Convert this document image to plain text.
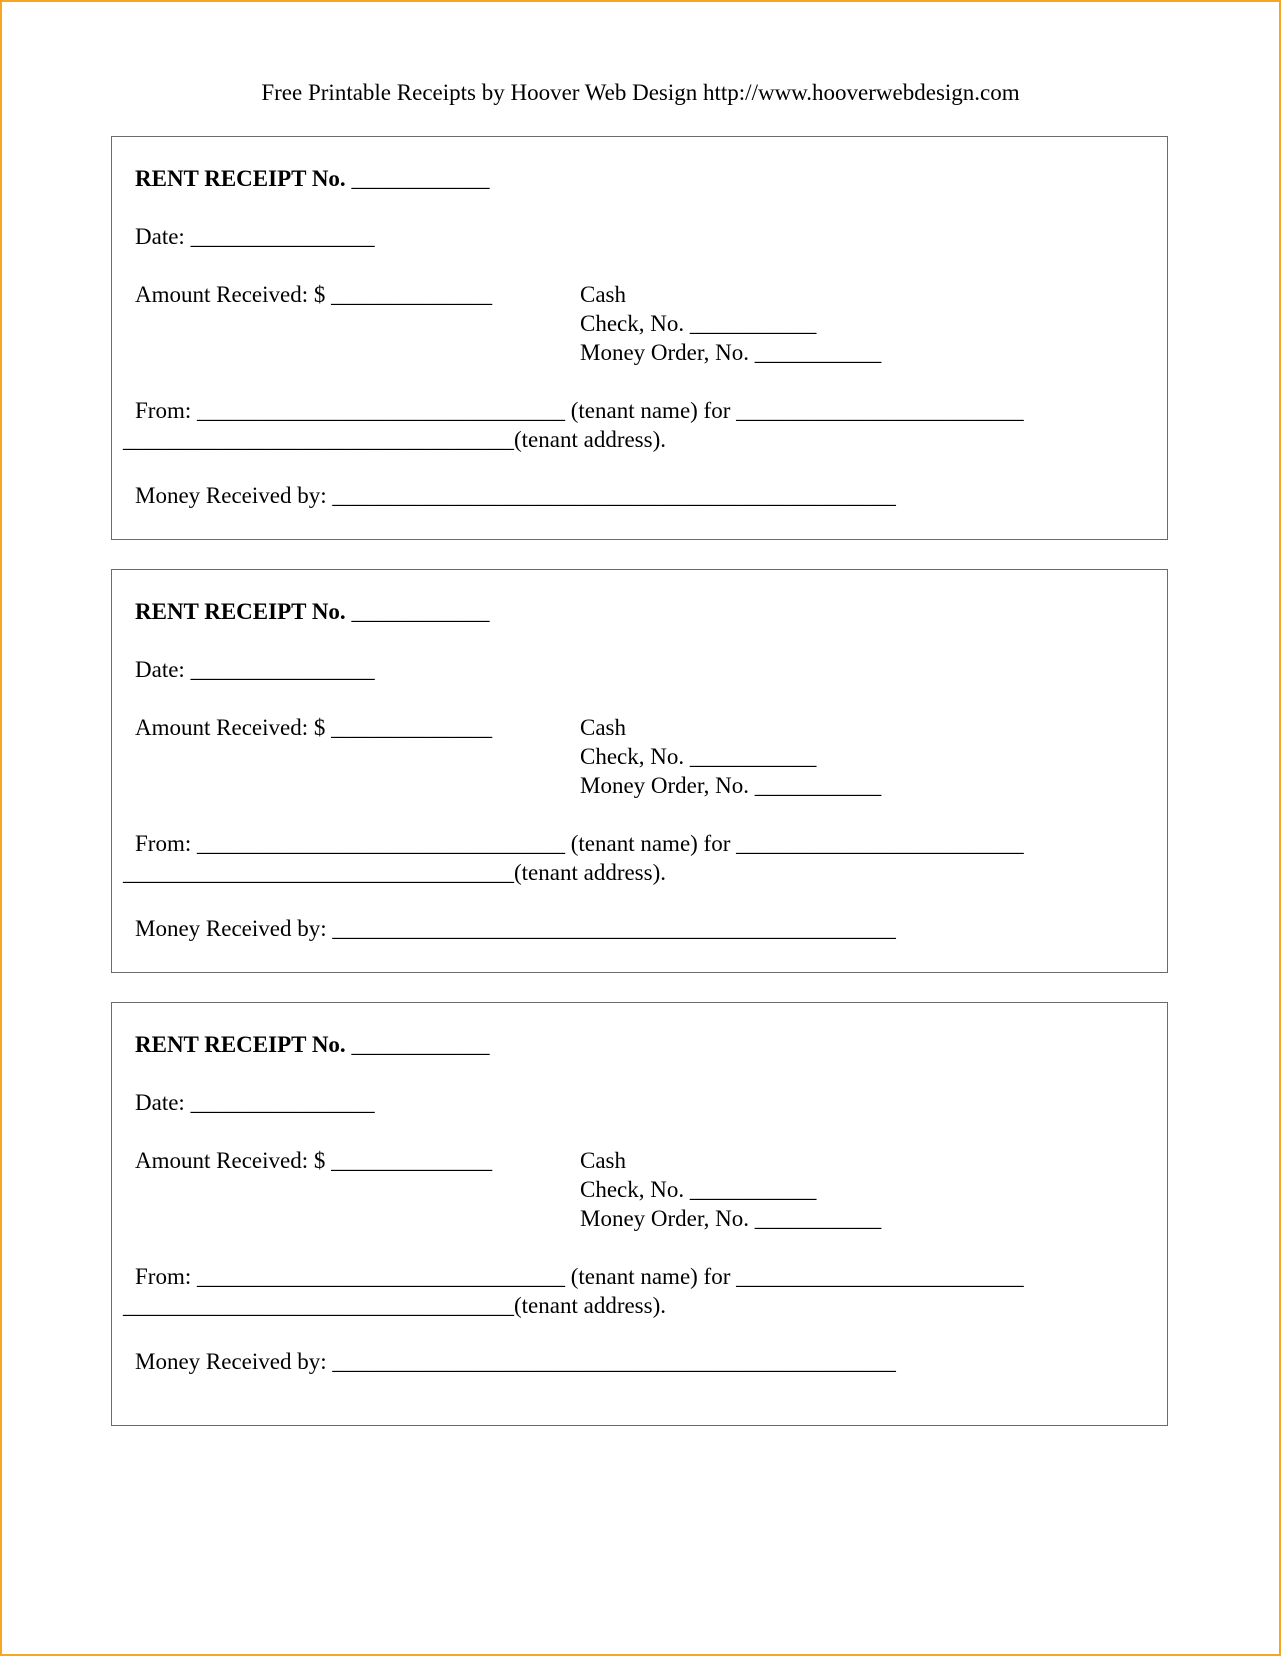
Free Printable Receipts by Hoover Web Design http://www.hooverwebdesign.com
RENT RECEIPT No. ____________
Date: ________________
Amount Received: $ ______________	Cash
Check, No. ___________
Money Order, No. ___________
From: ________________________________ (tenant name) for _________________________
__________________________________(tenant address).
Money Received by: _________________________________________________
RENT RECEIPT No. ____________
Date: ________________
Amount Received: $ ______________	Cash
Check, No. ___________
Money Order, No. ___________
From: ________________________________ (tenant name) for _________________________
__________________________________(tenant address).
Money Received by: _________________________________________________
RENT RECEIPT No. ____________
Date: ________________
Amount Received: $ ______________	Cash
Check, No. ___________
Money Order, No. ___________
From: ________________________________ (tenant name) for _________________________
__________________________________(tenant address).
Money Received by: _________________________________________________
